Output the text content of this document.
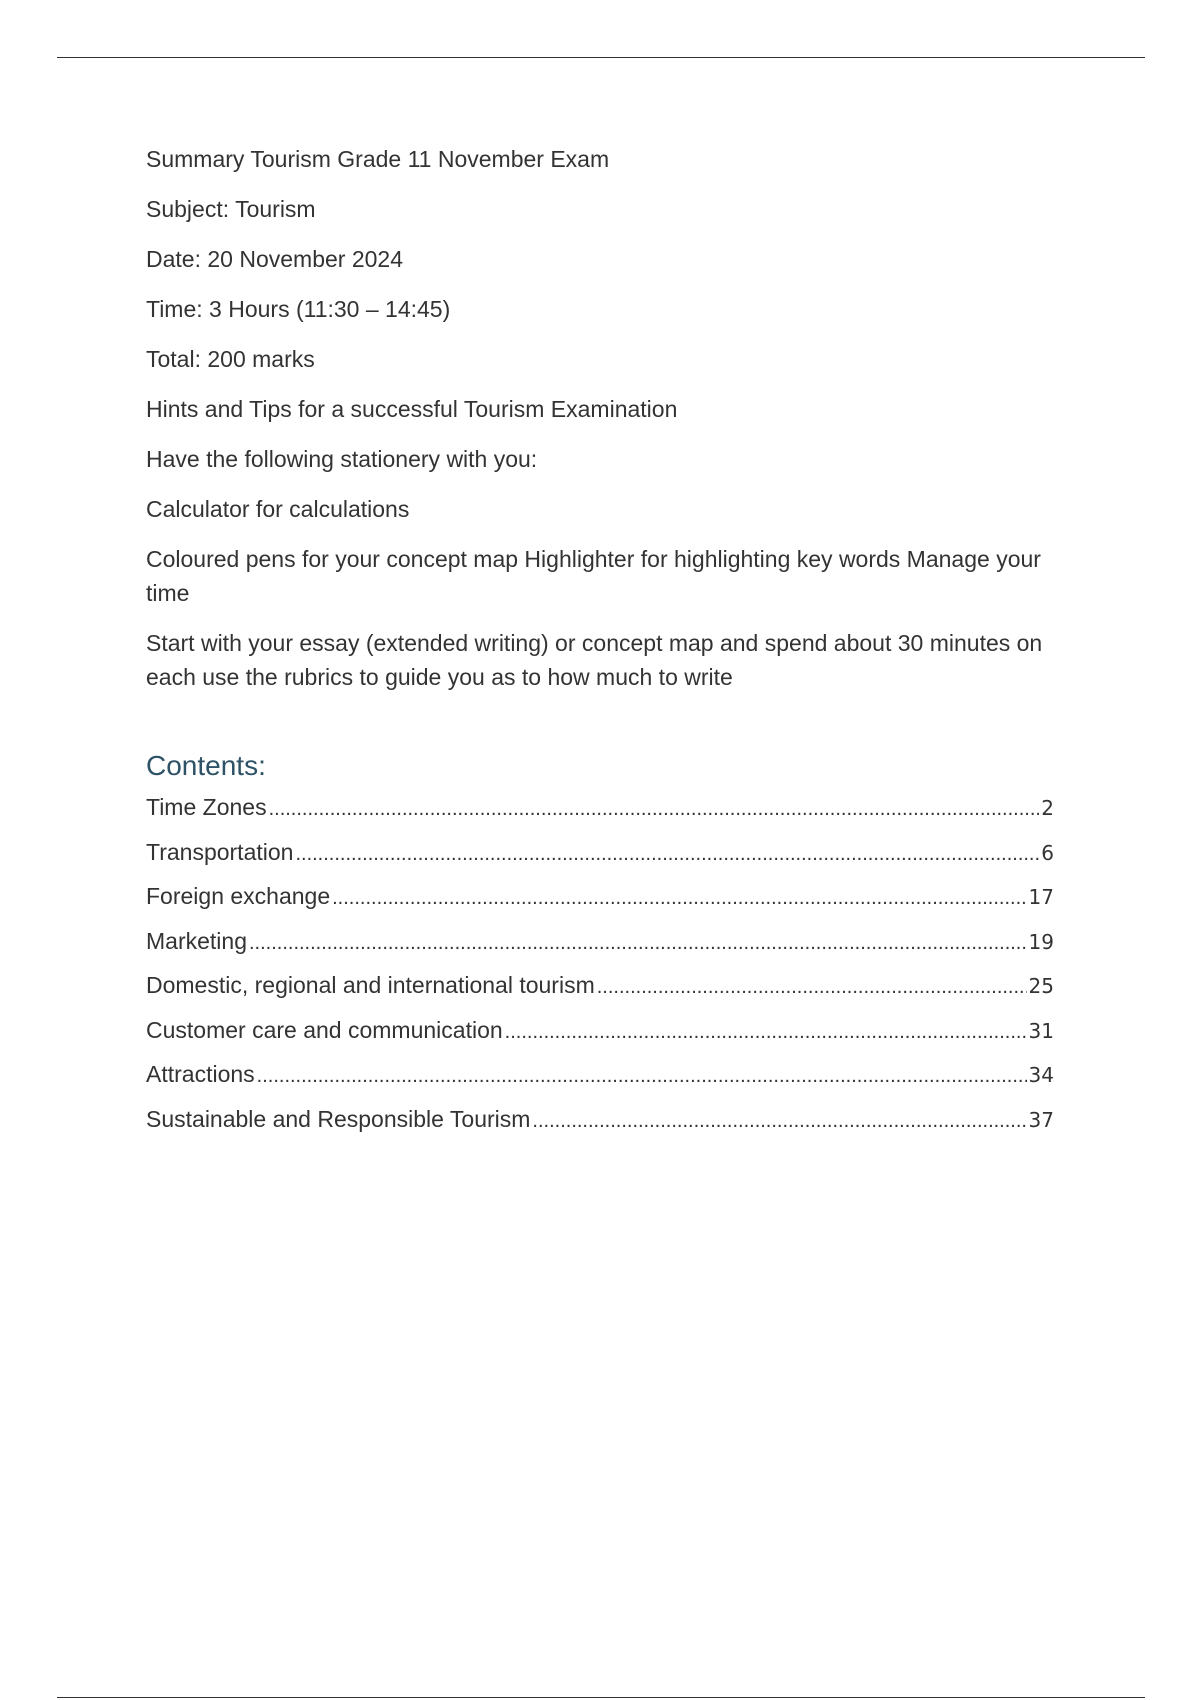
Summary Tourism Grade 11 November Exam

Subject: Tourism

Date: 20 November 2024

Time: 3 Hours (11:30 – 14:45)

Total: 200 marks

Hints and Tips for a successful Tourism Examination

Have the following stationery with you:

Calculator for calculations

Coloured pens for your concept map Highlighter for highlighting key words Manage your time

Start with your essay (extended writing) or concept map and spend about 30 minutes on each use the rubrics to guide you as to how much to write

Contents:
Time Zones .....	2
Transportation .....	6
Foreign exchange .....	17
Marketing .....	19
Domestic, regional and international tourism .....	25
Customer care and communication .....	31
Attractions .....	34
Sustainable and Responsible Tourism .....	37
